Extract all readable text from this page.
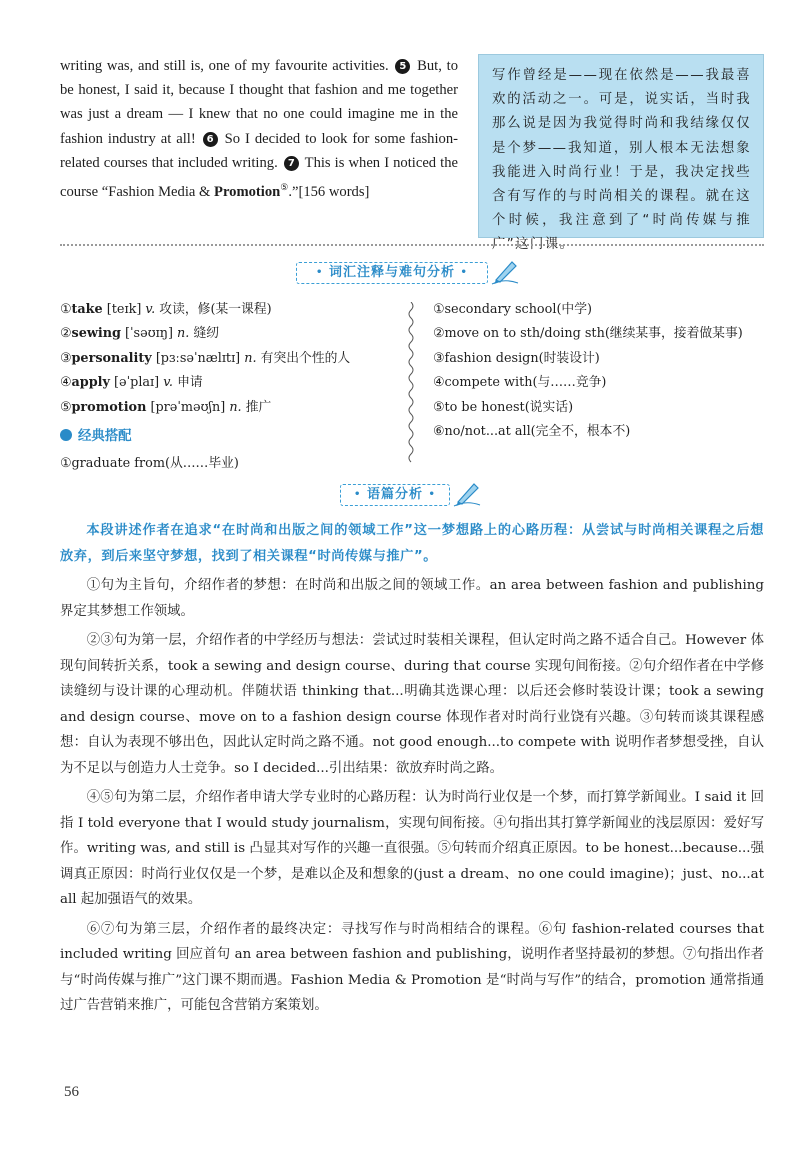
writing was, and still is, one of my favourite activities. 5 But, to be honest, I said it, because I thought that fashion and me together was just a dream — I knew that no one could imagine me in the fashion industry at all! 6 So I decided to look for some fashion-related courses that included writing. 7 This is when I noticed the course “Fashion Media & Promotion⑤.”[156 words]
写作曾经是——现在依然是——我最喜欢的活动之一。可是，说实话，当时我那么说是因为我觉得时尚和我结缘仅仅是个梦——我知道，别人根本无法想象我能进入时尚行业！于是，我决定找些含有写作的与时尚相关的课程。就在这个时候，我注意到了“时尚传媒与推广”这门课。
• 词汇注释与难句分析 •
①take [teɪk] v. 攻读，修(某一课程)
②sewing [ˈsəʊɪŋ] n. 缝纫
③personality [pɜːsəˈnælɪtɪ] n. 有突出个性的人
④apply [əˈplaɪ] v. 申请
⑤promotion [prəˈməʊʃn] n. 推广
①secondary school(中学)
②move on to sth/doing sth(继续某事，接着做某事)
③fashion design(时装设计)
④compete with(与……竞争)
⑤to be honest(说实话)
⑥no/not...at all(完全不，根本不)
经典搭配
①graduate from(从……毕业)
• 语篇分析 •

本段讲述作者在追求“在时尚和出版之间的领域工作”这一梦想路上的心路历程：从尝试与时尚相关课程之后想放弃，到后来坚守梦想，找到了相关课程“时尚传媒与推广”。

①句为主旨句，介绍作者的梦想：在时尚和出版之间的领域工作。an area between fashion and publishing 界定其梦想工作领域。

②③句为第一层，介绍作者的中学经历与想法：尝试过时装相关课程，但认定时尚之路不适合自己。However 体现句间转折关系，took a sewing and design course、during that course 实现句间衔接。②句介绍作者在中学修读缝纫与设计课的心理动机。伴随状语 thinking that...明确其选课心理：以后还会修时装设计课；took a sewing and design course、move on to a fashion design course 体现作者对时尚行业饶有兴趣。③句转而谈其课程感想：自认为表现不够出色，因此认定时尚之路不通。not good enough...to compete with 说明作者梦想受挫，自认为不足以与创造力人士竞争。so I decided...引出结果：欲放弃时尚之路。

④⑤句为第二层，介绍作者申请大学专业时的心路历程：认为时尚行业仅是一个梦，而打算学新闻业。I said it 回指 I told everyone that I would study journalism，实现句间衔接。④句指出其打算学新闻业的浅层原因：爱好写作。writing was, and still is 凸显其对写作的兴趣一直很强。⑤句转而介绍真正原因。to be honest...because...强调真正原因：时尚行业仅仅是一个梦，是难以企及和想象的(just a dream、no one could imagine)；just、no...at all 起加强语气的效果。

⑥⑦句为第三层，介绍作者的最终决定：寻找写作与时尚相结合的课程。⑥句 fashion-related courses that included writing 回应首句 an area between fashion and publishing，说明作者坚持最初的梦想。⑦句指出作者与“时尚传媒与推广”这门课不期而遇。Fashion Media & Promotion 是“时尚与写作”的结合，promotion 通常指通过广告营销来推广，可能包含营销方案策划。

56
